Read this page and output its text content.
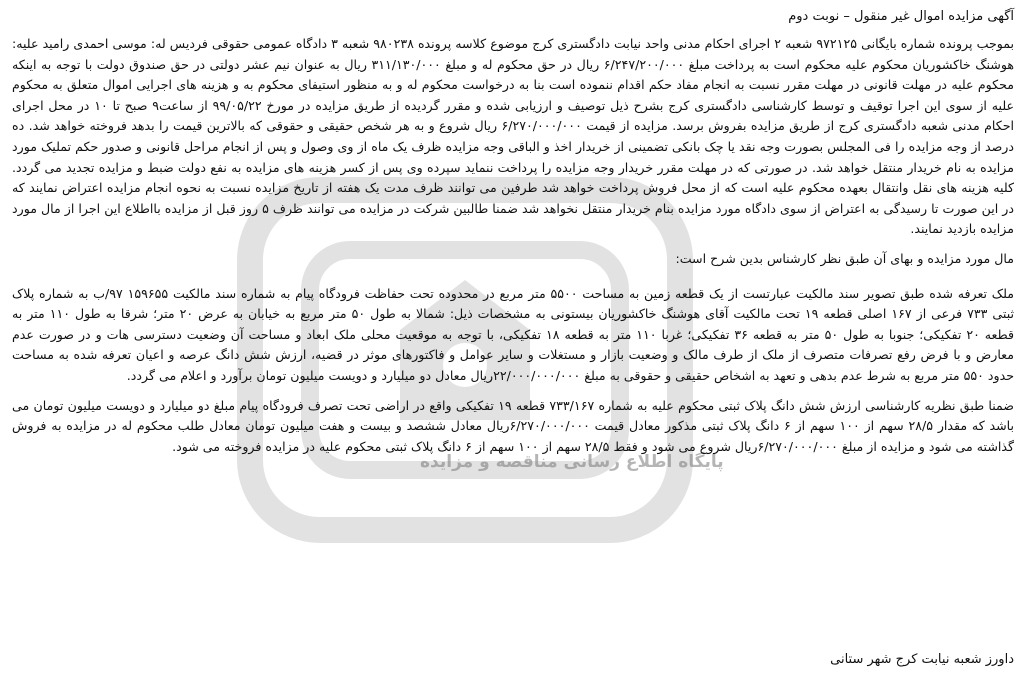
پایگاه اطلاع رسانی مناقصه و مزایده
آگهی مزایده اموال غیر منقول – نوبت دوم

بموجب پرونده شماره بایگانی ۹۷۲۱۲۵ شعبه ۲ اجرای احکام مدنی واحد نیابت دادگستری کرج موضوع کلاسه پرونده ۹۸۰۲۳۸ شعبه ۳ دادگاه عمومی حقوقی فردیس له: موسی احمدی رامید علیه: هوشنگ خاکشوریان محکوم علیه محکوم است به پرداخت مبلغ ۶/۲۴۷/۲۰۰/۰۰۰ ریال در حق محکوم له و مبلغ ۳۱۱/۱۳۰/۰۰۰ ریال به عنوان نیم عشر دولتی در حق صندوق دولت با توجه به اینکه محکوم علیه در مهلت قانونی در مهلت مقرر نسبت به انجام مفاد حکم اقدام ننموده است بنا به درخواست محکوم له و به منظور استیفای محکوم به و هزینه های اجرایی اموال متعلق به محکوم علیه از سوی این اجرا توقیف و توسط کارشناسی دادگستری کرج بشرح ذیل توصیف و ارزیابی شده و مقرر گردیده از طریق مزایده در مورخ ۹۹/۰۵/۲۲ از ساعت۹ صبح تا ۱۰ در محل اجرای احکام مدنی شعبه دادگستری کرج از طریق مزایده بفروش برسد. مزایده از قیمت ۶/۲۷۰/۰۰۰/۰۰۰ ریال شروع و به هر شخص حقیقی و حقوقی که بالاترین قیمت را بدهد فروخته خواهد شد. ده درصد از وجه مزایده را فی المجلس بصورت وجه نقد یا چک بانکی تضمینی از خریدار اخذ و الباقی وجه مزایده ظرف یک ماه از وی وصول و پس از انجام مراحل قانونی و صدور حکم تملیک مورد مزایده به نام خریدار منتقل خواهد شد. در صورتی که در مهلت مقرر خریدار وجه مزایده را پرداخت ننماید سپرده وی پس از کسر هزینه های مزایده به نفع دولت ضبط و مزایده تجدید می گردد. کلیه هزینه های نقل وانتقال بعهده محکوم علیه است که از محل فروش پرداخت خواهد شد طرفین می توانند ظرف مدت یک هفته از تاریخ مزایده نسبت به نحوه انجام مزایده اعتراض نمایند که در این صورت تا رسیدگی به اعتراض از سوی دادگاه مورد مزایده بنام خریدار منتقل نخواهد شد ضمنا طالبین شرکت در مزایده می توانند ظرف ۵ روز قبل از مزایده بااطلاع این اجرا از مال مورد مزایده بازدید نمایند.

مال مورد مزایده و بهای آن طبق نظر کارشناس بدین شرح است:

ملک تعرفه شده طبق تصویر سند مالکیت عبارتست از یک قطعه زمین به مساحت ۵۵۰۰ متر مربع در محدوده تحت حفاظت فرودگاه پیام به شماره سند مالکیت ۱۵۹۶۵۵ ۹۷/ب به شماره پلاک ثبتی ۷۳۳ فرعی از ۱۶۷ اصلی قطعه ۱۹ تحت مالکیت آقای هوشنگ خاکشوریان بیستونی به مشخصات ذیل: شمالا به طول ۵۰ متر مربع به خیابان به عرض ۲۰ متر؛ شرقا به طول ۱۱۰ متر به قطعه ۲۰ تفکیکی؛ جنوبا به طول ۵۰ متر به قطعه ۳۶ تفکیکی؛ غربا ۱۱۰ متر به قطعه ۱۸ تفکیکی، با توجه به موقعیت محلی ملک ابعاد و مساحت آن وضعیت دسترسی هات و در صورت عدم معارض و با فرض رفع تصرفات متصرف از ملک از طرف مالک و وضعیت بازار و مستغلات و سایر عوامل و فاکتورهای موثر در قضیه، ارزش شش دانگ عرصه و اعیان تعرفه شده به مساحت حدود ۵۵۰ متر مربع به شرط عدم بدهی و تعهد به اشخاص حقیقی و حقوقی به مبلغ ۲۲/۰۰۰/۰۰۰/۰۰۰ریال معادل دو میلیارد و دویست میلیون تومان برآورد و اعلام می گردد.

ضمنا طبق نظریه کارشناسی ارزش شش دانگ پلاک ثبتی محکوم علیه به شماره ۷۳۳/۱۶۷ قطعه ۱۹ تفکیکی واقع در اراضی تحت تصرف فرودگاه پیام مبلغ دو میلیارد و دویست میلیون تومان می باشد که مقدار ۲۸/۵ سهم از ۱۰۰ سهم از ۶ دانگ پلاک ثبتی مذکور معادل قیمت ۶/۲۷۰/۰۰۰/۰۰۰ریال معادل ششصد و بیست و هفت میلیون تومان معادل طلب محکوم له در مزایده به فروش گذاشته می شود و مزایده از مبلغ ۶/۲۷۰/۰۰۰/۰۰۰ریال شروع می شود و فقط ۲۸/۵ سهم از ۱۰۰ سهم از ۶ دانگ پلاک ثبتی محکوم علیه در مزایده فروخته می شود.

داورز شعبه نیابت کرج شهر ستانی
